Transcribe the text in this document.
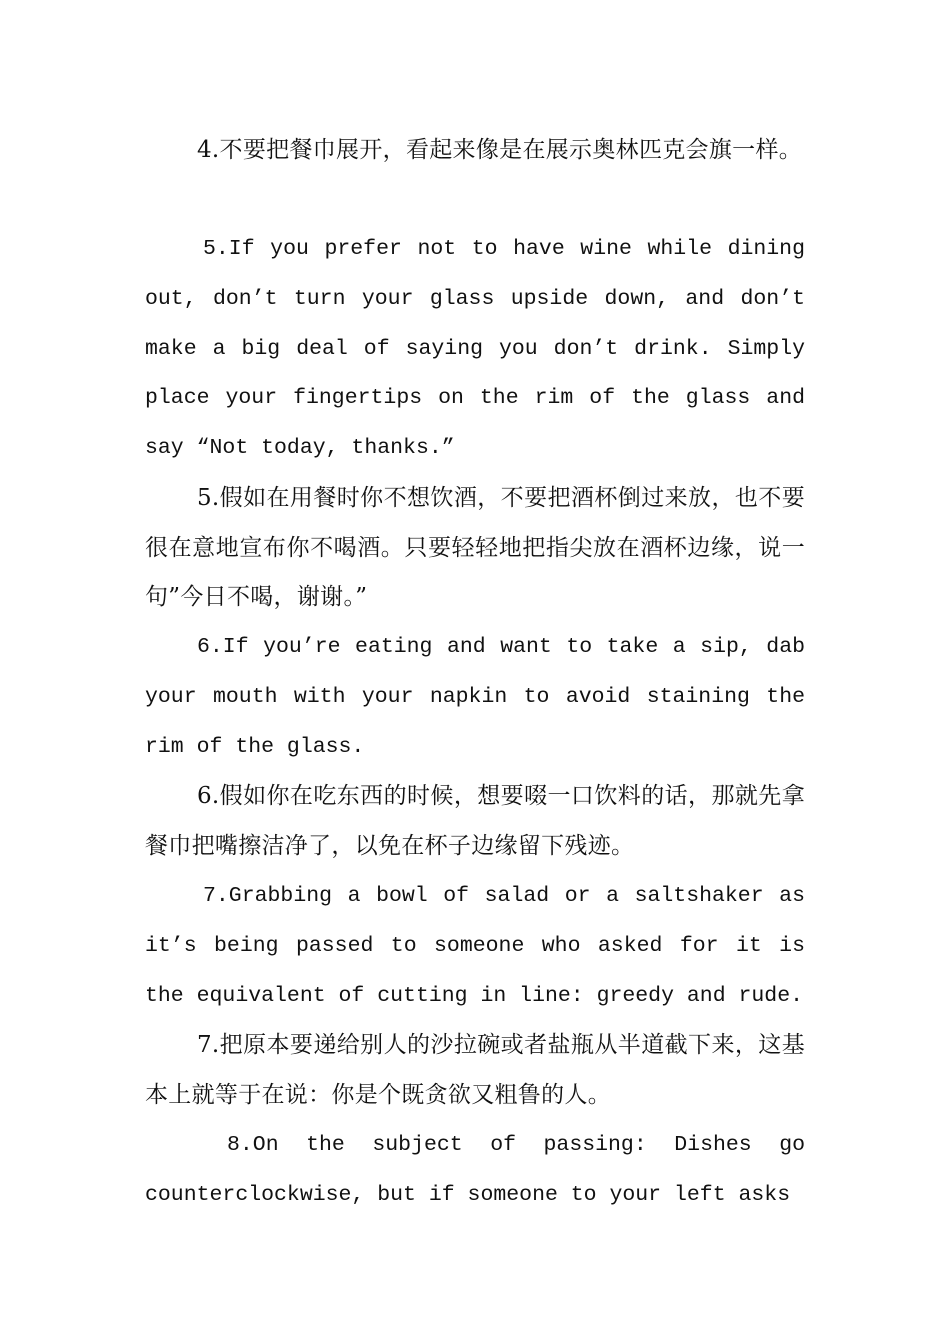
4.不要把餐巾展开，看起来像是在展示奥林匹克会旗一样。

5.If you prefer not to have wine while dining out, don’t turn your glass upside down, and don’t make a big deal of saying you don’t drink. Simply place your fingertips on the rim of the glass and say “Not today, thanks.”

5.假如在用餐时你不想饮酒，不要把酒杯倒过来放，也不要很在意地宣布你不喝酒。只要轻轻地把指尖放在酒杯边缘，说一句”今日不喝，谢谢。”

6.If you’re eating and want to take a sip, dab your mouth with your napkin to avoid staining the rim of the glass.

6.假如你在吃东西的时候，想要啜一口饮料的话，那就先拿餐巾把嘴擦洁净了，以免在杯子边缘留下残迹。

7.Grabbing a bowl of salad or a saltshaker as it’s being passed to someone who asked for it is the equivalent of cutting in line: greedy and rude.

7.把原本要递给别人的沙拉碗或者盐瓶从半道截下来，这基本上就等于在说：你是个既贪欲又粗鲁的人。

8.On the subject of passing: Dishes go counterclockwise, but if someone to your left asks
